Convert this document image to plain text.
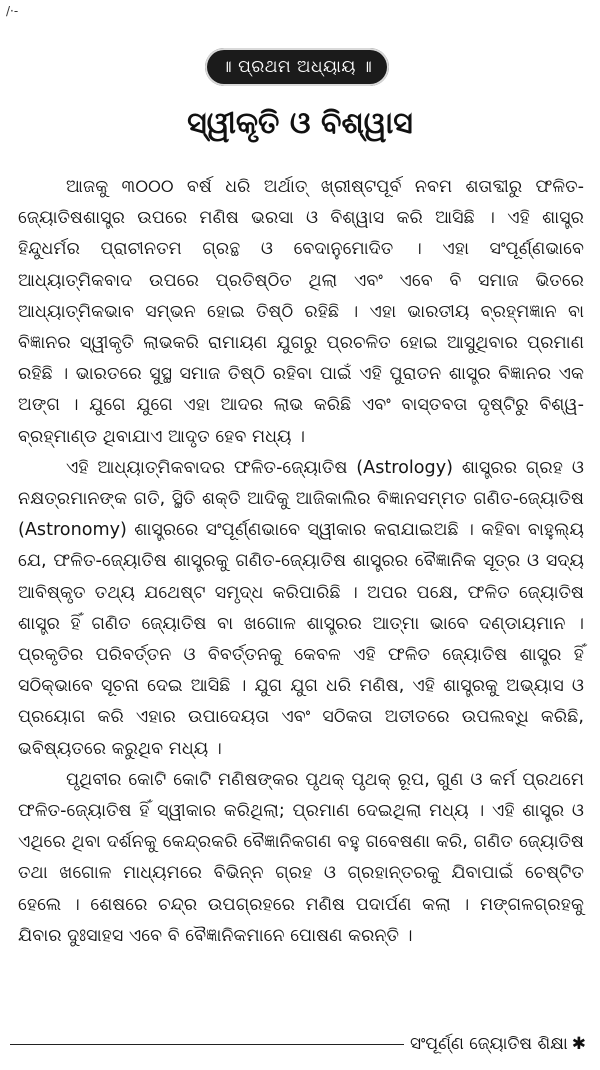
/·-
॥ ପ୍ରଥମ ଅଧ୍ୟାୟ ॥
ସ୍ୱୀକୃତି ଓ ବିଶ୍ୱାସ

ଆଜକୁ ୩୦୦୦ ବର୍ଷ ଧରି ଅର୍ଥାତ୍ ଖ୍ରୀଷ୍ଟପୂର୍ବ ନବମ ଶତାବ୍ଦୀରୁ ଫଳିତ-ଜ୍ୟୋତିଷଶାସ୍ତ୍ର ଉପରେ ମଣିଷ ଭରସା ଓ ବିଶ୍ୱାସ କରି ଆସିଛି । ଏହି ଶାସ୍ତ୍ର ହିନ୍ଦୁଧର୍ମର ପ୍ରାଚୀନତମ ଗ୍ରନ୍ଥ ଓ ବେଦାନୁମୋଦିତ । ଏହା ସଂପୂର୍ଣ୍ଣଭାବେ ଆଧ୍ୟାତ୍ମିକବାଦ ଉପରେ ପ୍ରତିଷ୍ଠିତ ଥିଲା ଏବଂ ଏବେ ବି ସମାଜ ଭିତରେ ଆଧ୍ୟାତ୍ମିକଭାବ ସମ୍ଭନ ହୋଇ ତିଷ୍ଠି ରହିଛି । ଏହା ଭାରତୀୟ ବ୍ରହ୍ମଜ୍ଞାନ ବା ବିଜ୍ଞାନର ସ୍ୱୀକୃତି ଲାଭକରି ରାମାୟଣ ଯୁଗରୁ ପ୍ରଚଳିତ ହୋଇ ଆସୁଥିବାର ପ୍ରମାଣ ରହିଛି । ଭାରତରେ ସୁସ୍ଥ ସମାଜ ତିଷ୍ଠି ରହିବା ପାଇଁ ଏହି ପୁରାତନ ଶାସ୍ତ୍ର ବିଜ୍ଞାନର ଏକ ଅଙ୍ଗ । ଯୁଗେ ଯୁଗେ ଏହା ଆଦର ଲାଭ କରିଛି ଏବଂ ବାସ୍ତବତା ଦୃଷ୍ଟିରୁ ବିଶ୍ୱ-ବ୍ରହ୍ମାଣ୍ଡ ଥିବାଯାଏ ଆଦୃତ ହେବ ମଧ୍ୟ ।

ଏହି ଆଧ୍ୟାତ୍ମିକବାଦର ଫଳିତ-ଜ୍ୟୋତିଷ (Astrology) ଶାସ୍ତ୍ରର ଗ୍ରହ ଓ ନକ୍ଷତ୍ରମାନଙ୍କ ଗତି, ସ୍ଥିତି ଶକ୍ତି ଆଦିକୁ ଆଜିକାଲିର ବିଜ୍ଞାନସମ୍ମତ ଗଣିତ-ଜ୍ୟୋତିଷ (Astronomy) ଶାସ୍ତ୍ରରେ ସଂପୂର୍ଣ୍ଣଭାବେ ସ୍ୱୀକାର କରାଯାଇଅଛି । କହିବା ବାହୁଲ୍ୟ ଯେ, ଫଳିତ-ଜ୍ୟୋତିଷ ଶାସ୍ତ୍ରକୁ ଗଣିତ-ଜ୍ୟୋତିଷ ଶାସ୍ତ୍ରର ବୈଜ୍ଞାନିକ ସୂତ୍ର ଓ ସଦ୍ୟ ଆବିଷ୍କୃତ ତଥ୍ୟ ଯଥେଷ୍ଟ ସମୃଦ୍ଧ କରିପାରିଛି । ଅପର ପକ୍ଷେ, ଫଳିତ ଜ୍ୟୋତିଷ ଶାସ୍ତ୍ର ହିଁ ଗଣିତ ଜ୍ୟୋତିଷ ବା ଖଗୋଳ ଶାସ୍ତ୍ରର ଆତ୍ମା ଭାବେ ଦଣ୍ଡାୟମାନ । ପ୍ରକୃତିର ପରିବର୍ତ୍ତନ ଓ ବିବର୍ତ୍ତନକୁ କେବଳ ଏହି ଫଳିତ ଜ୍ୟୋତିଷ ଶାସ୍ତ୍ର ହିଁ ସଠିକ୍‌ଭାବେ ସୂଚନା ଦେଇ ଆସିଛି । ଯୁଗ ଯୁଗ ଧରି ମଣିଷ, ଏହି ଶାସ୍ତ୍ରକୁ ଅଭ୍ୟାସ ଓ ପ୍ରୟୋଗ କରି ଏହାର ଉପାଦେୟତା ଏବଂ ସଠିକତା ଅତୀତରେ ଉପଲବ୍ଧି କରିଛି, ଭବିଷ୍ୟତରେ କରୁଥିବ ମଧ୍ୟ ।

ପୃଥିବୀର କୋଟି କୋଟି ମଣିଷଙ୍କର ପୃଥକ୍ ପୃଥକ୍ ରୂପ, ଗୁଣ ଓ କର୍ମ ପ୍ରଥମେ ଫଳିତ-ଜ୍ୟୋତିଷ ହିଁ ସ୍ୱୀକାର କରିଥିଲା; ପ୍ରମାଣ ଦେଇଥିଲା ମଧ୍ୟ । ଏହି ଶାସ୍ତ୍ର ଓ ଏଥିରେ ଥିବା ଦର୍ଶନକୁ କେନ୍ଦ୍ରକରି ବୈଜ୍ଞାନିକଗଣ ବହୁ ଗବେଷଣା କରି, ଗଣିତ ଜ୍ୟୋତିଷ ତଥା ଖଗୋଳ ମାଧ୍ୟମରେ ବିଭିନ୍ନ ଗ୍ରହ ଓ ଗ୍ରହାନ୍ତରକୁ ଯିବାପାଇଁ ଚେଷ୍ଟିତ ହେଲେ । ଶେଷରେ ଚନ୍ଦ୍ର ଉପଗ୍ରହରେ ମଣିଷ ପଦାର୍ପଣ କଲା । ମଙ୍ଗଳଗ୍ରହକୁ ଯିବାର ଦୁଃସାହସ ଏବେ ବି ବୈଜ୍ଞାନିକମାନେ ପୋଷଣ କରନ୍ତି ।

ସଂପୂର୍ଣ୍ଣ ଜ୍ୟୋତିଷ ଶିକ୍ଷା ✱
